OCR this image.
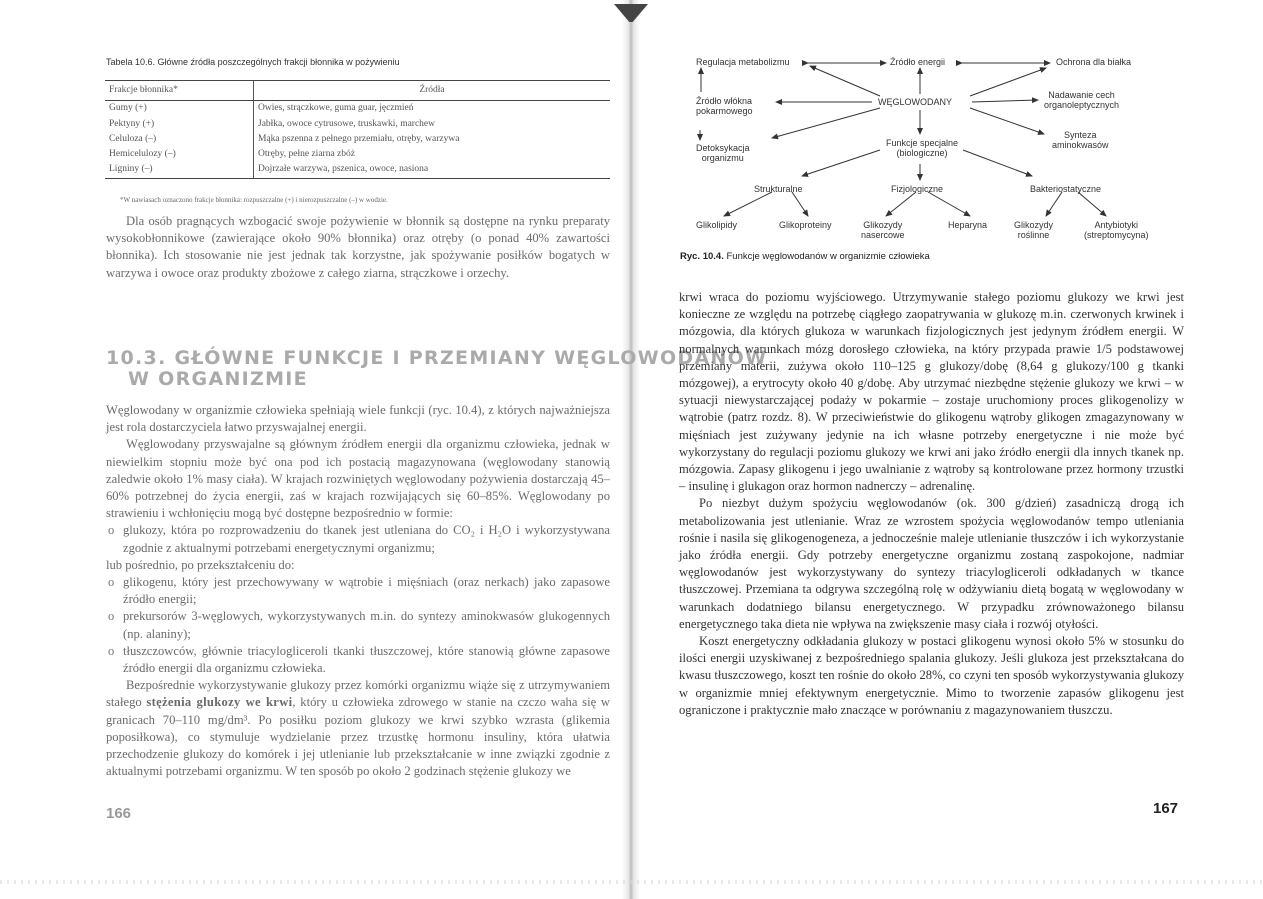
Tabela 10.6. Główne źródła poszczególnych frakcji błonnika w pożywieniu
Frakcje błonnika*	Źródła
Gumy (+)	Owies, strączkowe, guma guar, jęczmień
Pektyny (+)	Jabłka, owoce cytrusowe, truskawki, marchew
Celuloza (–)	Mąka pszenna z pełnego przemiału, otręby, warzywa
Hemicelulozy (–)	Otręby, pełne ziarna zbóż
Ligniny (–)	Dojrzałe warzywa, pszenica, owoce, nasiona
*W nawiasach oznaczono frakcje błonnika: rozpuszczalne (+) i nierozpuszczalne (–) w wodzie.

Dla osób pragnących wzbogacić swoje pożywienie w błonnik są dostępne na rynku preparaty wysokobłonnikowe (zawierające około 90% błonnika) oraz otręby (o ponad 40% zawartości błonnika). Ich stosowanie nie jest jednak tak korzystne, jak spożywanie posiłków bogatych w warzywa i owoce oraz produkty zbożowe z całego ziarna, strączkowe i orzechy.

10.3. GŁÓWNE FUNKCJE I PRZEMIANY WĘGLOWODANÓW
W ORGANIZMIE

Węglowodany w organizmie człowieka spełniają wiele funkcji (ryc. 10.4), z których najważniejsza jest rola dostarczyciela łatwo przyswajalnej energii.

Węglowodany przyswajalne są głównym źródłem energii dla organizmu człowieka, jednak w niewielkim stopniu może być ona pod ich postacią magazynowana (węglowodany stanowią zaledwie około 1% masy ciała). W krajach rozwiniętych węglowodany pożywienia dostarczają 45–60% potrzebnej do życia energii, zaś w krajach rozwijających się 60–85%. Węglowodany po strawieniu i wchłonięciu mogą być dostępne bezpośrednio w formie:

o glukozy, która po rozprowadzeniu do tkanek jest utleniana do CO₂ i H₂O i wykorzystywana zgodnie z aktualnymi potrzebami energetycznymi organizmu;

lub pośrednio, po przekształceniu do:

o glikogenu, który jest przechowywany w wątrobie i mięśniach (oraz nerkach) jako zapasowe źródło energii;
o prekursorów 3-węglowych, wykorzystywanych m.in. do syntezy aminokwasów glukogennych (np. alaniny);
o tłuszczowców, głównie triacylogliceroli tkanki tłuszczowej, które stanowią główne zapasowe źródło energii dla organizmu człowieka.

Bezpośrednie wykorzystywanie glukozy przez komórki organizmu wiąże się z utrzymywaniem stałego stężenia glukozy we krwi, który u człowieka zdrowego w stanie na czczo waha się w granicach 70–110 mg/dm³. Po posiłku poziom glukozy we krwi szybko wzrasta (glikemia poposiłkowa), co stymuluje wydzielanie przez trzustkę hormonu insuliny, która ułatwia przechodzenie glukozy do komórek i jej utlenianie lub przekształcanie w inne związki zgodnie z aktualnymi potrzebami organizmu. W ten sposób po około 2 godzinach stężenie glukozy we

166
Regulacja metabolizmu	Źródło energii	Ochrona dla białka
Źródło włókna
pokarmowego
WĘGLOWODANY
Nadawanie cech
organoleptycznych
Detoksykacja
organizmu
Funkcje specjalne
(biologiczne)
Synteza
aminokwasów
Strukturalne	Fizjologiczne	Bakteriostatyczne
Glikolipidy	Glikoproteiny	Glikozydy
nasercowe
Heparyna	Glikozydy
roślinne
Antybiotyki
(streptomycyna)
Ryc. 10.4. Funkcje węglowodanów w organizmie człowieka

krwi wraca do poziomu wyjściowego. Utrzymywanie stałego poziomu glukozy we krwi jest konieczne ze względu na potrzebę ciągłego zaopatrywania w glukozę m.in. czerwonych krwinek i mózgowia, dla których glukoza w warunkach fizjologicznych jest jedynym źródłem energii. W normalnych warunkach mózg dorosłego człowieka, na który przypada prawie 1/5 podstawowej przemiany materii, zużywa około 110–125 g glukozy/dobę (8,64 g glukozy/100 g tkanki mózgowej), a erytrocyty około 40 g/dobę. Aby utrzymać niezbędne stężenie glukozy we krwi – w sytuacji niewystarczającej podaży w pokarmie – zostaje uruchomiony proces glikogenolizy w wątrobie (patrz rozdz. 8). W przeciwieństwie do glikogenu wątroby glikogen zmagazynowany w mięśniach jest zużywany jedynie na ich własne potrzeby energetyczne i nie może być wykorzystany do regulacji poziomu glukozy we krwi ani jako źródło energii dla innych tkanek np. mózgowia. Zapasy glikogenu i jego uwalnianie z wątroby są kontrolowane przez hormony trzustki – insulinę i glukagon oraz hormon nadnerczy – adrenalinę.

Po niezbyt dużym spożyciu węglowodanów (ok. 300 g/dzień) zasadniczą drogą ich metabolizowania jest utlenianie. Wraz ze wzrostem spożycia węglowodanów tempo utleniania rośnie i nasila się glikogenogeneza, a jednocześnie maleje utlenianie tłuszczów i ich wykorzystanie jako źródła energii. Gdy potrzeby energetyczne organizmu zostaną zaspokojone, nadmiar węglowodanów jest wykorzystywany do syntezy triacylogliceroli odkładanych w tkance tłuszczowej. Przemiana ta odgrywa szczególną rolę w odżywianiu dietą bogatą w węglowodany w warunkach dodatniego bilansu energetycznego. W przypadku zrównoważonego bilansu energetycznego taka dieta nie wpływa na zwiększenie masy ciała i rozwój otyłości.

Koszt energetyczny odkładania glukozy w postaci glikogenu wynosi około 5% w stosunku do ilości energii uzyskiwanej z bezpośredniego spalania glukozy. Jeśli glukoza jest przekształcana do kwasu tłuszczowego, koszt ten rośnie do około 28%, co czyni ten sposób wykorzystywania glukozy w organizmie mniej efektywnym energetycznie. Mimo to tworzenie zapasów glikogenu jest ograniczone i praktycznie mało znaczące w porównaniu z magazynowaniem tłuszczu.

167
